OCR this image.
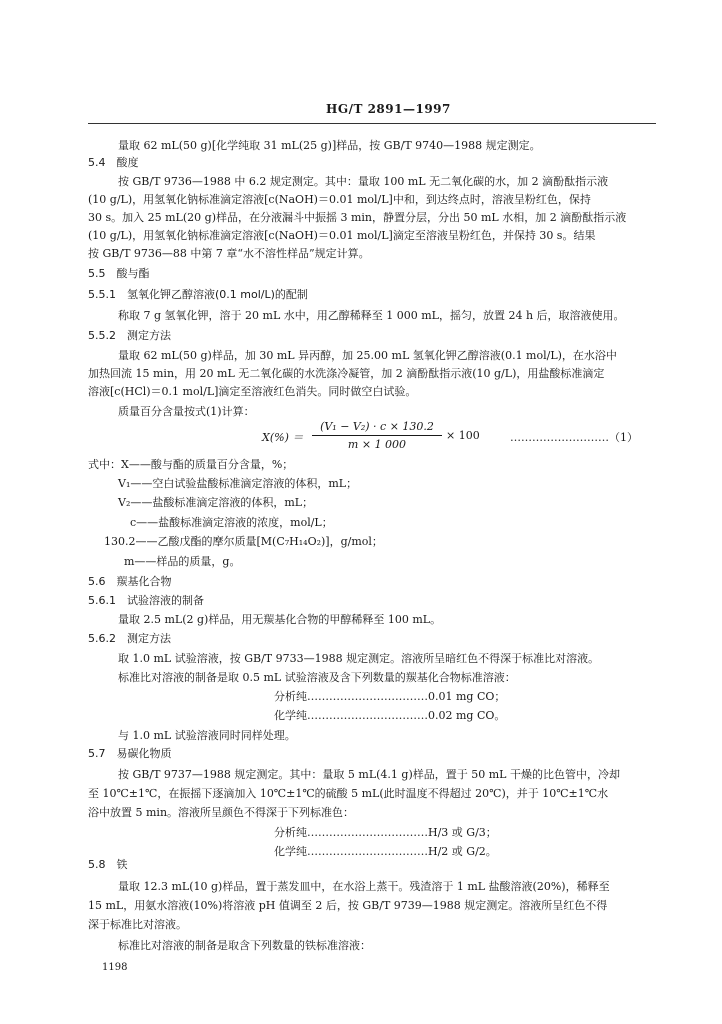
HG/T 2891—1997
量取 62 mL(50 g)[化学纯取 31 mL(25 g)]样品，按 GB/T 9740—1988 规定测定。
5.4　酸度
按 GB/T 9736—1988 中 6.2 规定测定。其中：量取 100 mL 无二氧化碳的水，加 2 滴酚酞指示液
(10 g/L)，用氢氧化钠标准滴定溶液[c(NaOH)＝0.01 mol/L]中和，到达终点时，溶液呈粉红色，保持
30 s。加入 25 mL(20 g)样品，在分液漏斗中振摇 3 min，静置分层，分出 50 mL 水相，加 2 滴酚酞指示液
(10 g/L)，用氢氧化钠标准滴定溶液[c(NaOH)＝0.01 mol/L]滴定至溶液呈粉红色，并保持 30 s。结果
按 GB/T 9736—88 中第 7 章“水不溶性样品”规定计算。
5.5　酸与酯
5.5.1　氢氧化钾乙醇溶液(0.1 mol/L)的配制
称取 7 g 氢氧化钾，溶于 20 mL 水中，用乙醇稀释至 1 000 mL，摇匀，放置 24 h 后，取溶液使用。
5.5.2　测定方法
量取 62 mL(50 g)样品，加 30 mL 异丙醇，加 25.00 mL 氢氧化钾乙醇溶液(0.1 mol/L)，在水浴中
加热回流 15 min，用 20 mL 无二氧化碳的水洗涤冷凝管，加 2 滴酚酞指示液(10 g/L)，用盐酸标准滴定
溶液[c(HCl)＝0.1 mol/L]滴定至溶液红色消失。同时做空白试验。
质量百分含量按式(1)计算：
$X(\%) = \frac{\text{(V₁ − V₂) · c × 130.2}}{m \times 1 000} \times 100$	………………………（1）
式中：X——酸与酯的质量百分含量，%；
V₁——空白试验盐酸标准滴定溶液的体积，mL；
V₂——盐酸标准滴定溶液的体积，mL；
c——盐酸标准滴定溶液的浓度，mol/L；
130.2——乙酸戊酯的摩尔质量[M(C₇H₁₄O₂)]，g/mol；
m——样品的质量，g。
5.6　羰基化合物
5.6.1　试验溶液的制备
量取 2.5 mL(2 g)样品，用无羰基化合物的甲醇稀释至 100 mL。
5.6.2　测定方法
取 1.0 mL 试验溶液，按 GB/T 9733—1988 规定测定。溶液所呈暗红色不得深于标准比对溶液。
标准比对溶液的制备是取 0.5 mL 试验溶液及含下列数量的羰基化合物标准溶液：
分析纯……………………………0.01 mg CO；
化学纯……………………………0.02 mg CO。
与 1.0 mL 试验溶液同时同样处理。
5.7　易碳化物质
按 GB/T 9737—1988 规定测定。其中：量取 5 mL(4.1 g)样品，置于 50 mL 干燥的比色管中，冷却
至 10℃±1℃，在振摇下逐滴加入 10℃±1℃的硫酸 5 mL(此时温度不得超过 20℃)，并于 10℃±1℃水
浴中放置 5 min。溶液所呈颜色不得深于下列标准色：
分析纯……………………………H/3 或 G/3；
化学纯……………………………H/2 或 G/2。
5.8　铁
量取 12.3 mL(10 g)样品，置于蒸发皿中，在水浴上蒸干。残渣溶于 1 mL 盐酸溶液(20%)，稀释至
15 mL，用氨水溶液(10%)将溶液 pH 值调至 2 后，按 GB/T 9739—1988 规定测定。溶液所呈红色不得
深于标准比对溶液。
标准比对溶液的制备是取含下列数量的铁标准溶液：
1198
